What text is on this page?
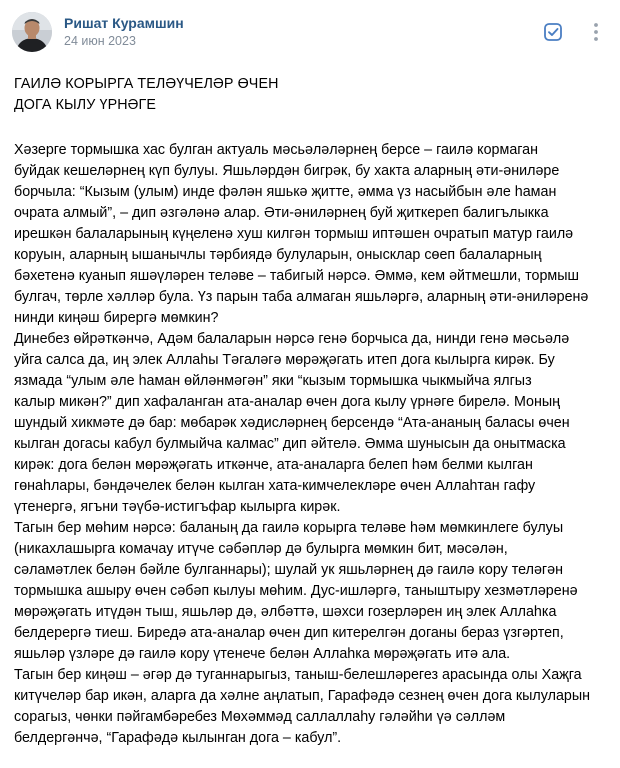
Ришат Курамшин
24 июн 2023
ГАИЛӘ КОРЫРГА ТЕЛӘҮЧЕЛӘР ӨЧЕН
ДОГА КЫЛУ ҮРНӘГЕ

Хәзерге тормышка хас булган актуаль мәсьәләләрнең берсе – гаилә кормаган

буйдак кешеләрнең күп булуы. Яшьләрдән бигрәк, бу хакта аларның әти-әниләре

борчыла: “Кызым (улым) инде фәлән яшькә җитте, әмма үз насыйбын әле һаман

очрата алмый”, – дип әзгәләнә алар. Әти-әниләрнең буй җиткереп балигълыкка

ирешкән балаларының күңеленә хуш килгән тормыш иптәшен очратып матур гаилә

коруын, аларның ышанычлы тәрбиядә булуларын, онысклар сөеп балаларның

бәхетенә куанып яшәүләрен теләве – табигый нәрсә. Әммә, кем әйтмешли, тормыш

булгач, төрле хәлләр була. Үз парын таба алмаган яшьләргә, аларның әти-әниләренә

нинди киңәш бирергә мөмкин?

Динебез өйрәткәнчә, Адәм балаларын нәрсә генә борчыса да, нинди генә мәсьәлә

уйга салса да, иң элек Аллаһы Тәгаләгә мөрәҗәгать итеп дога кылырга кирәк. Бу

язмада “улым әле һаман өйләнмәгән” яки “кызым тормышка чыкмыйча ялгыз

калыр микән?” дип хафаланган ата-аналар өчен дога кылу үрнәге бирелә. Моның

шундый хикмәте дә бар: мөбарәк хәдисләрнең берсендә “Ата-ананың баласы өчен

кылган догасы кабул булмыйча калмас” дип әйтелә. Әмма шунысын да онытмаска

кирәк: дога белән мөрәҗәгать иткәнче, ата-аналарга белеп һәм белми кылган

гөнаһлары, бәндәчелек белән кылган хата-кимчелекләре өчен Аллаһтан гафу

үтенергә, ягъни тәүбә-истигъфар кылырга кирәк.

Тагын бер мөһим нәрсә: баланың да гаилә корырга теләве һәм мөмкинлеге булуы

(никахлашырга комачау итүче сәбәпләр дә булырга мөмкин бит, мәсәлән,

сәламәтлек белән бәйле булганнары); шулай ук яшьләрнең дә гаилә кору теләгән

тормышка ашыру өчен сәбәп кылуы мөһим. Дус-ишләргә, таныштыру хезмәтләренә

мөрәҗәгать итүдән тыш, яшьләр дә, әлбәттә, шәхси гозерләрен иң элек Аллаһка

белдерергә тиеш. Биредә ата-аналар өчен дип китерелгән доганы бераз үзгәртеп,

яшьләр үзләре дә гаилә кору үтенече белән Аллаһка мөрәҗәгать итә ала.

Тагын бер киңәш – әгәр дә туганнарыгыз, таныш-белешләрегез арасында олы Хаҗга

китүчеләр бар икән, аларга да хәлне аңлатып, Гарафәдә сезнең өчен дога кылуларын

сорагыз, чөнки пәйгамбәребез Мөхәммәд саллаллаһу гәләйһи үә сәлләм

белдергәнчә, “Гарафәдә кылынган дога – кабул”.
